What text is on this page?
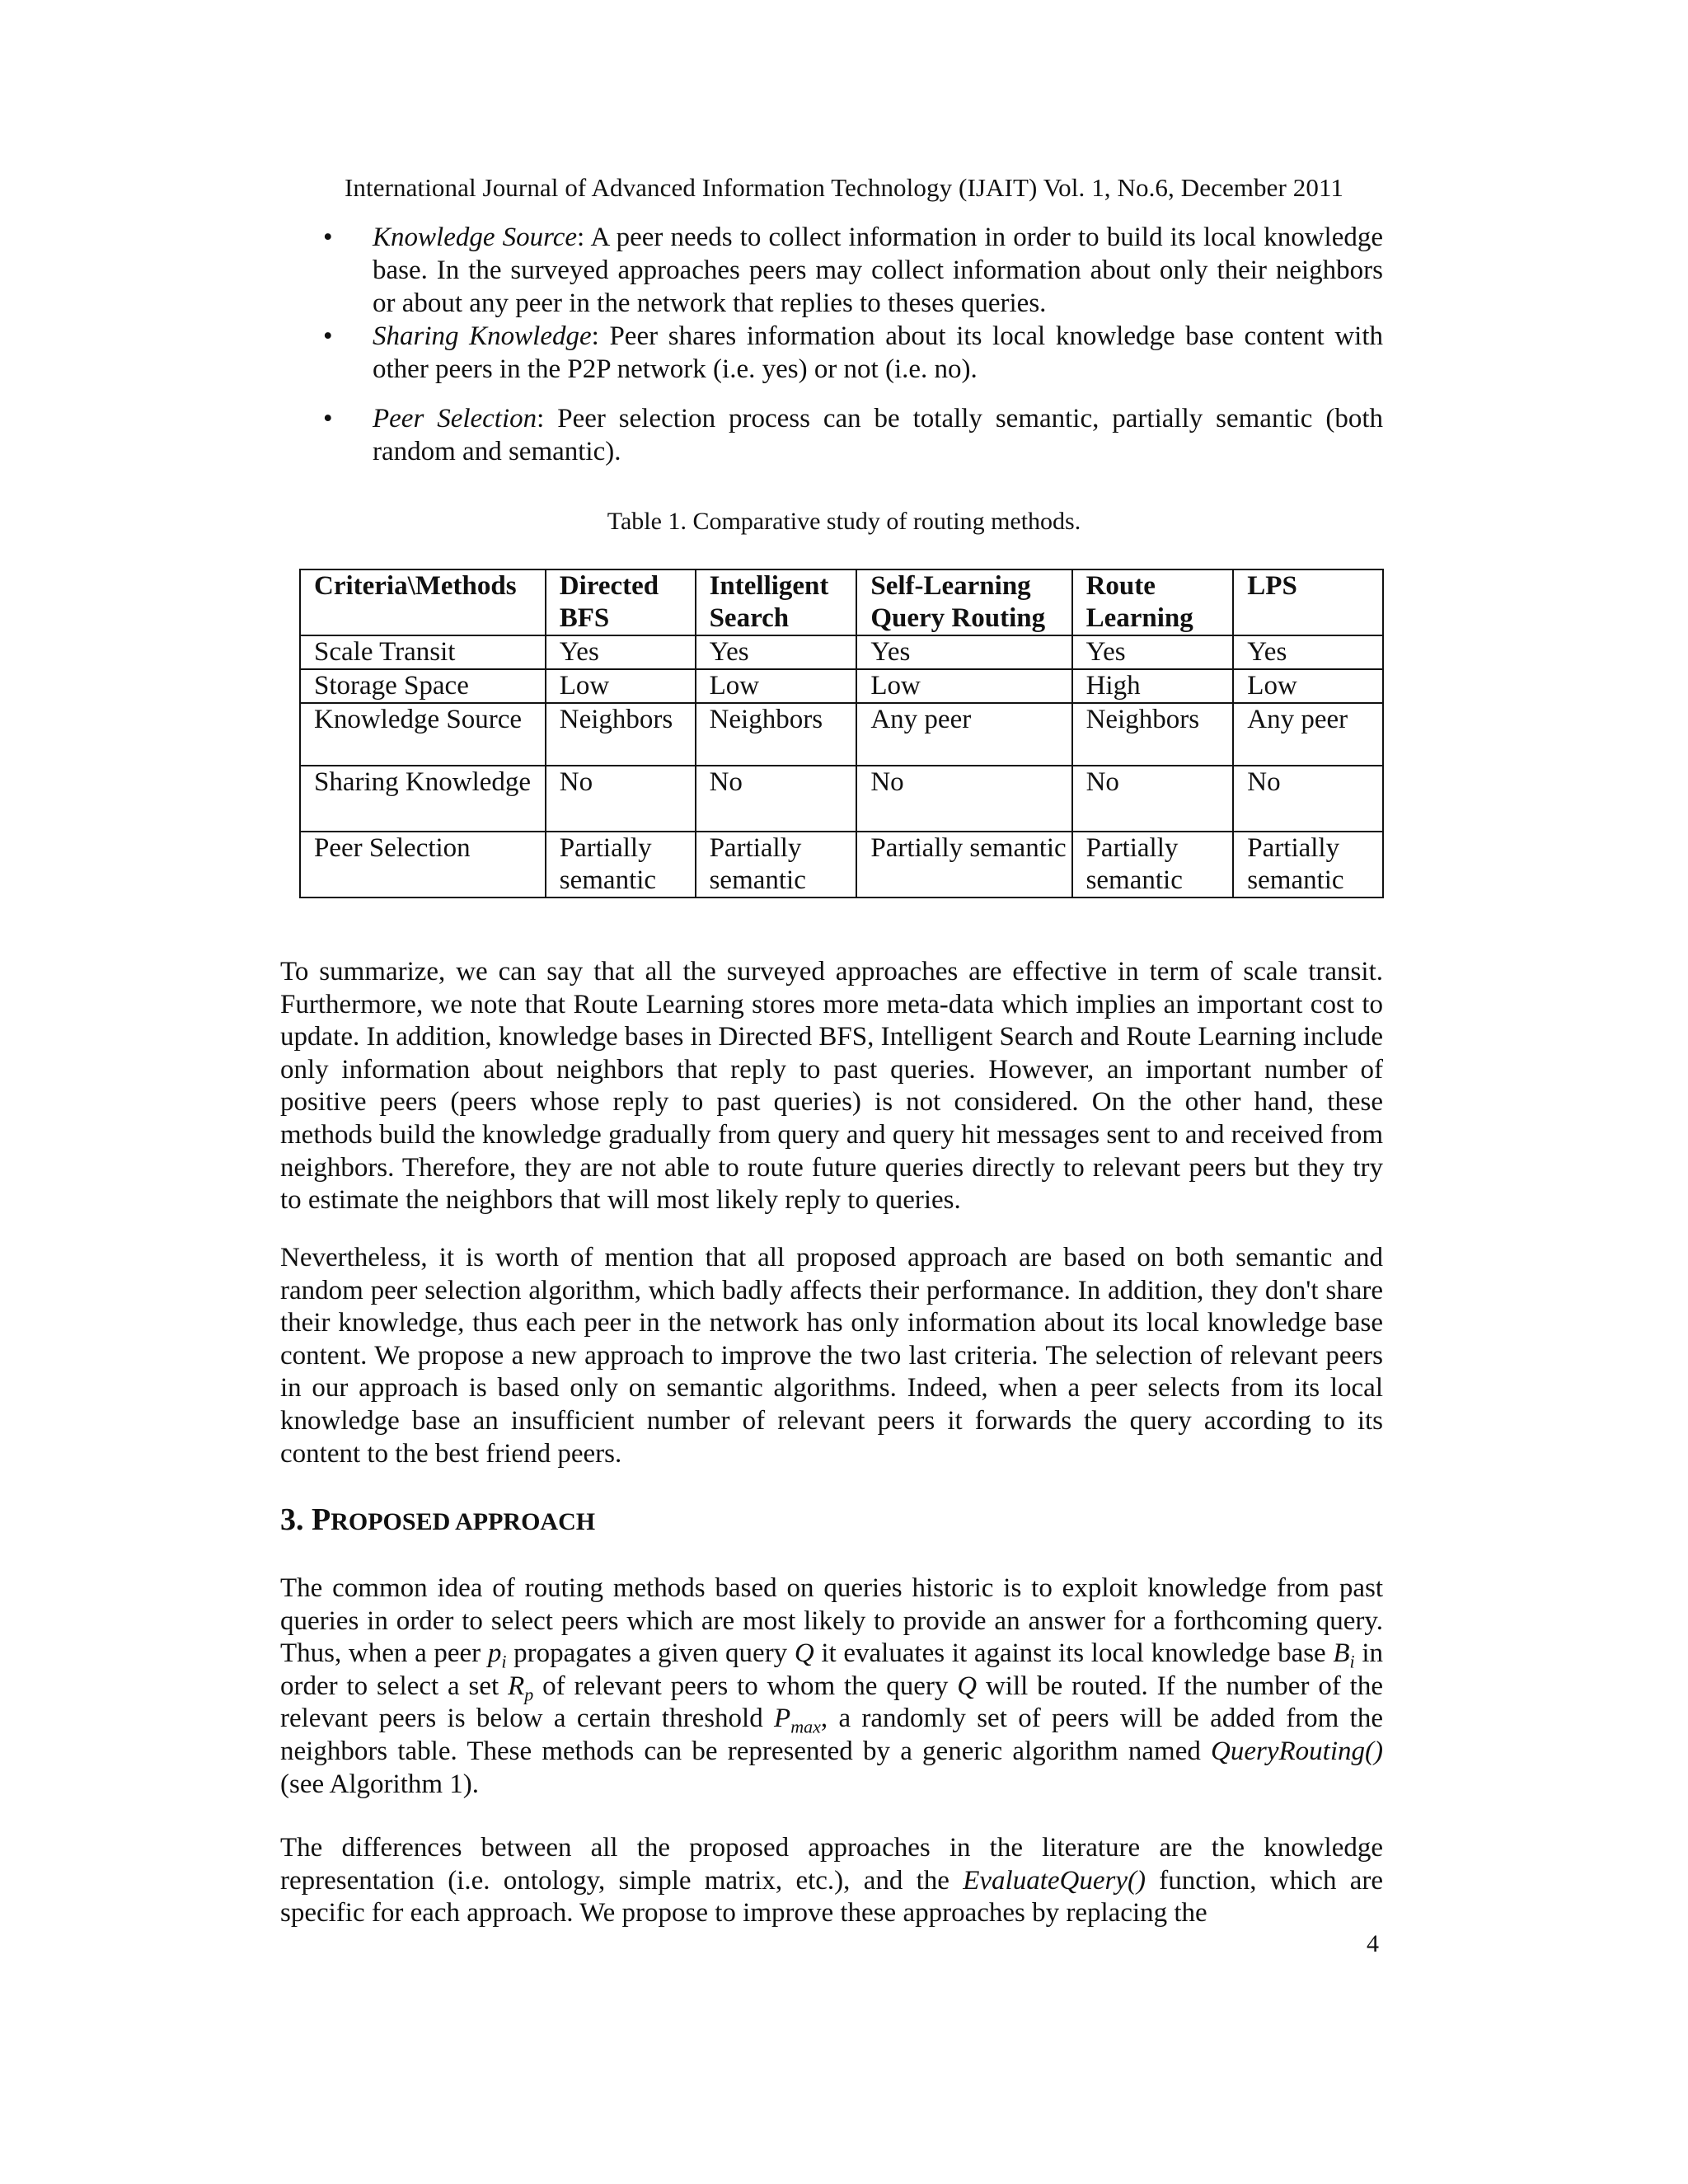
International Journal of Advanced Information Technology (IJAIT) Vol. 1, No.6, December 2011
• Knowledge Source: A peer needs to collect information in order to build its local knowledge base. In the surveyed approaches peers may collect information about only their neighbors or about any peer in the network that replies to theses queries.
• Sharing Knowledge: Peer shares information about its local knowledge base content with other peers in the P2P network (i.e. yes) or not (i.e. no).
• Peer Selection: Peer selection process can be totally semantic, partially semantic (both random and semantic).
Table 1. Comparative study of routing methods.
Criteria\Methods	Directed BFS	Intelligent Search	Self-Learning Query Routing	Route Learning	LPS
Scale Transit	Yes	Yes	Yes	Yes	Yes
Storage Space	Low	Low	Low	High	Low
Knowledge Source	Neighbors	Neighbors	Any peer	Neighbors	Any peer
Sharing Knowledge	No	No	No	No	No
Peer Selection	Partially semantic	Partially semantic	Partially semantic	Partially semantic	Partially semantic

To summarize, we can say that all the surveyed approaches are effective in term of scale transit. Furthermore, we note that Route Learning stores more meta-data which implies an important cost to update. In addition, knowledge bases in Directed BFS, Intelligent Search and Route Learning include only information about neighbors that reply to past queries. However, an important number of positive peers (peers whose reply to past queries) is not considered. On the other hand, these methods build the knowledge gradually from query and query hit messages sent to and received from neighbors. Therefore, they are not able to route future queries directly to relevant peers but they try to estimate the neighbors that will most likely reply to queries.

Nevertheless, it is worth of mention that all proposed approach are based on both semantic and random peer selection algorithm, which badly affects their performance. In addition, they don't share their knowledge, thus each peer in the network has only information about its local knowledge base content. We propose a new approach to improve the two last criteria. The selection of relevant peers in our approach is based only on semantic algorithms. Indeed, when a peer selects from its local knowledge base an insufficient number of relevant peers it forwards the query according to its content to the best friend peers.

3. PROPOSED APPROACH

The common idea of routing methods based on queries historic is to exploit knowledge from past queries in order to select peers which are most likely to provide an answer for a forthcoming query. Thus, when a peer $p_i$ propagates a given query Q it evaluates it against its local knowledge base $B_i$ in order to select a set $R_p$ of relevant peers to whom the query Q will be routed. If the number of the relevant peers is below a certain threshold $P_{max}$, a randomly set of peers will be added from the neighbors table. These methods can be represented by a generic algorithm named QueryRouting() (see Algorithm 1).

The differences between all the proposed approaches in the literature are the knowledge representation (i.e. ontology, simple matrix, etc.), and the EvaluateQuery() function, which are specific for each approach. We propose to improve these approaches by replacing the

4
